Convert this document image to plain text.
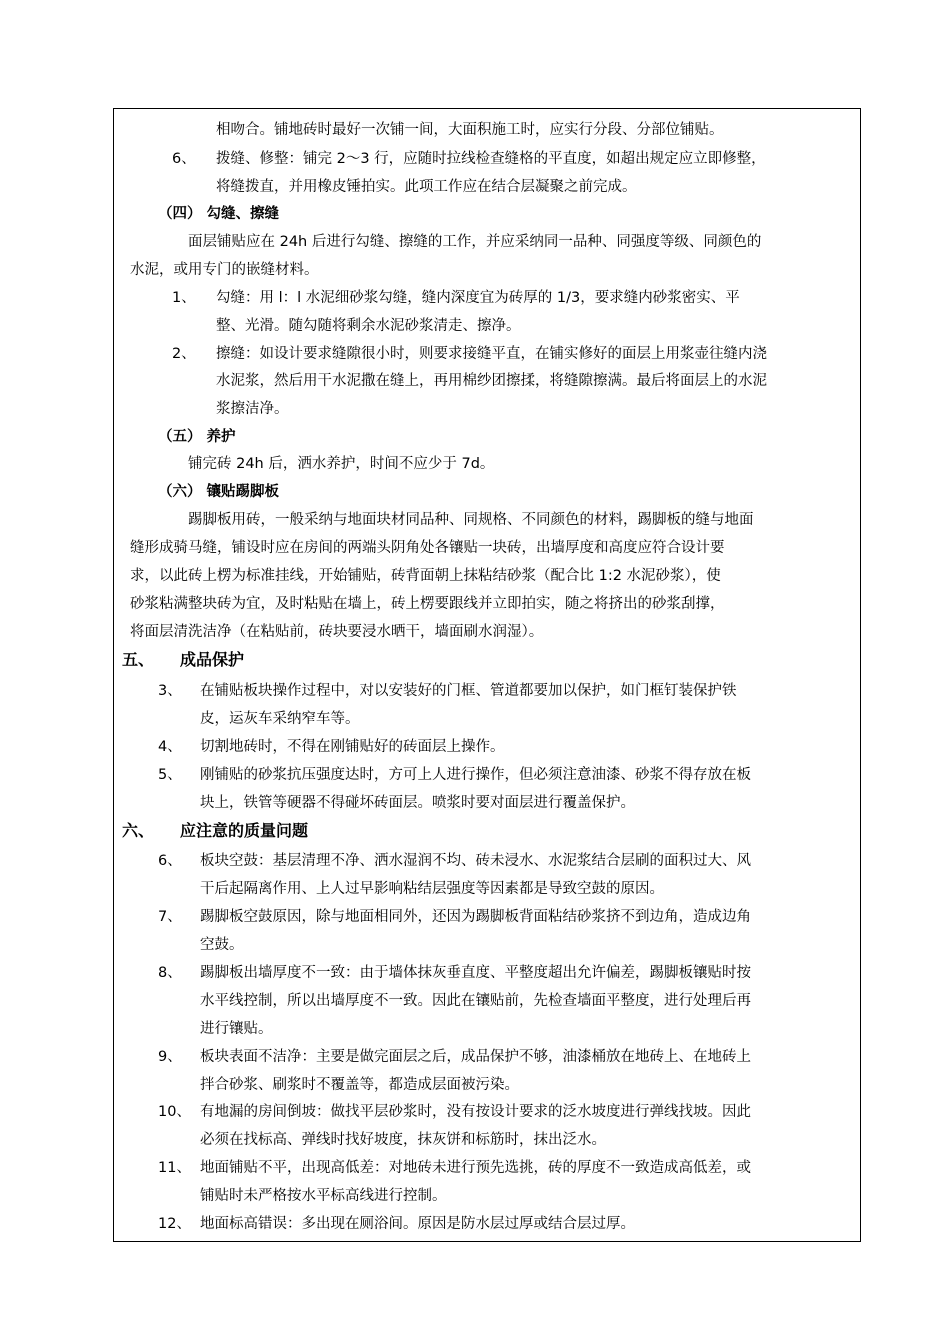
相吻合。铺地砖时最好一次铺一间，大面积施工时，应实行分段、分部位铺贴。
6、 拨缝、修整：铺完 2～3 行，应随时拉线检查缝格的平直度，如超出规定应立即修整，
将缝拨直，并用橡皮锤拍实。此项工作应在结合层凝聚之前完成。
（四） 勾缝、擦缝
面层铺贴应在 24h 后进行勾缝、擦缝的工作，并应采纳同一品种、同强度等级、同颜色的
水泥，或用专门的嵌缝材料。
1、 勾缝：用 l：l 水泥细砂浆勾缝，缝内深度宜为砖厚的 1/3，要求缝内砂浆密实、平
整、光滑。随勾随将剩余水泥砂浆清走、擦净。
2、 擦缝：如设计要求缝隙很小时，则要求接缝平直，在铺实修好的面层上用浆壶往缝内浇
水泥浆，然后用干水泥撒在缝上，再用棉纱团擦揉，将缝隙擦满。最后将面层上的水泥
浆擦洁净。
（五） 养护
铺完砖 24h 后，洒水养护，时间不应少于 7d。
（六） 镶贴踢脚板
踢脚板用砖，一般采纳与地面块材同品种、同规格、不同颜色的材料，踢脚板的缝与地面
缝形成骑马缝，铺设时应在房间的两端头阴角处各镶贴一块砖，出墙厚度和高度应符合设计要
求，以此砖上楞为标准挂线，开始铺贴，砖背面朝上抹粘结砂浆（配合比 1:2 水泥砂浆），使
砂浆粘满整块砖为宜，及时粘贴在墙上，砖上楞要跟线并立即拍实，随之将挤出的砂浆刮撑，
将面层清洗洁净（在粘贴前，砖块要浸水晒干，墙面刷水润湿）。
五、 成品保护
3、 在铺贴板块操作过程中，对以安装好的门框、管道都要加以保护，如门框钉装保护铁
皮，运灰车采纳窄车等。
4、 切割地砖时，不得在刚铺贴好的砖面层上操作。
5、 刚铺贴的砂浆抗压强度达时，方可上人进行操作，但必须注意油漆、砂浆不得存放在板
块上，铁管等硬器不得碰坏砖面层。喷浆时要对面层进行覆盖保护。
六、 应注意的质量问题
6、 板块空鼓：基层清理不净、洒水湿润不均、砖未浸水、水泥浆结合层刷的面积过大、风
干后起隔离作用、上人过早影响粘结层强度等因素都是导致空鼓的原因。
7、 踢脚板空鼓原因，除与地面相同外，还因为踢脚板背面粘结砂浆挤不到边角，造成边角
空鼓。
8、 踢脚板出墙厚度不一致：由于墙体抹灰垂直度、平整度超出允许偏差，踢脚板镶贴时按
水平线控制，所以出墙厚度不一致。因此在镶贴前，先检查墙面平整度，进行处理后再
进行镶贴。
9、 板块表面不洁净：主要是做完面层之后，成品保护不够，油漆桶放在地砖上、在地砖上
拌合砂浆、刷浆时不覆盖等，都造成层面被污染。
10、 有地漏的房间倒坡：做找平层砂浆时，没有按设计要求的泛水坡度进行弹线找坡。因此
必须在找标高、弹线时找好坡度，抹灰饼和标筋时，抹出泛水。
11、 地面铺贴不平，出现高低差：对地砖未进行预先选挑，砖的厚度不一致造成高低差，或
铺贴时未严格按水平标高线进行控制。
12、 地面标高错误：多出现在厕浴间。原因是防水层过厚或结合层过厚。
